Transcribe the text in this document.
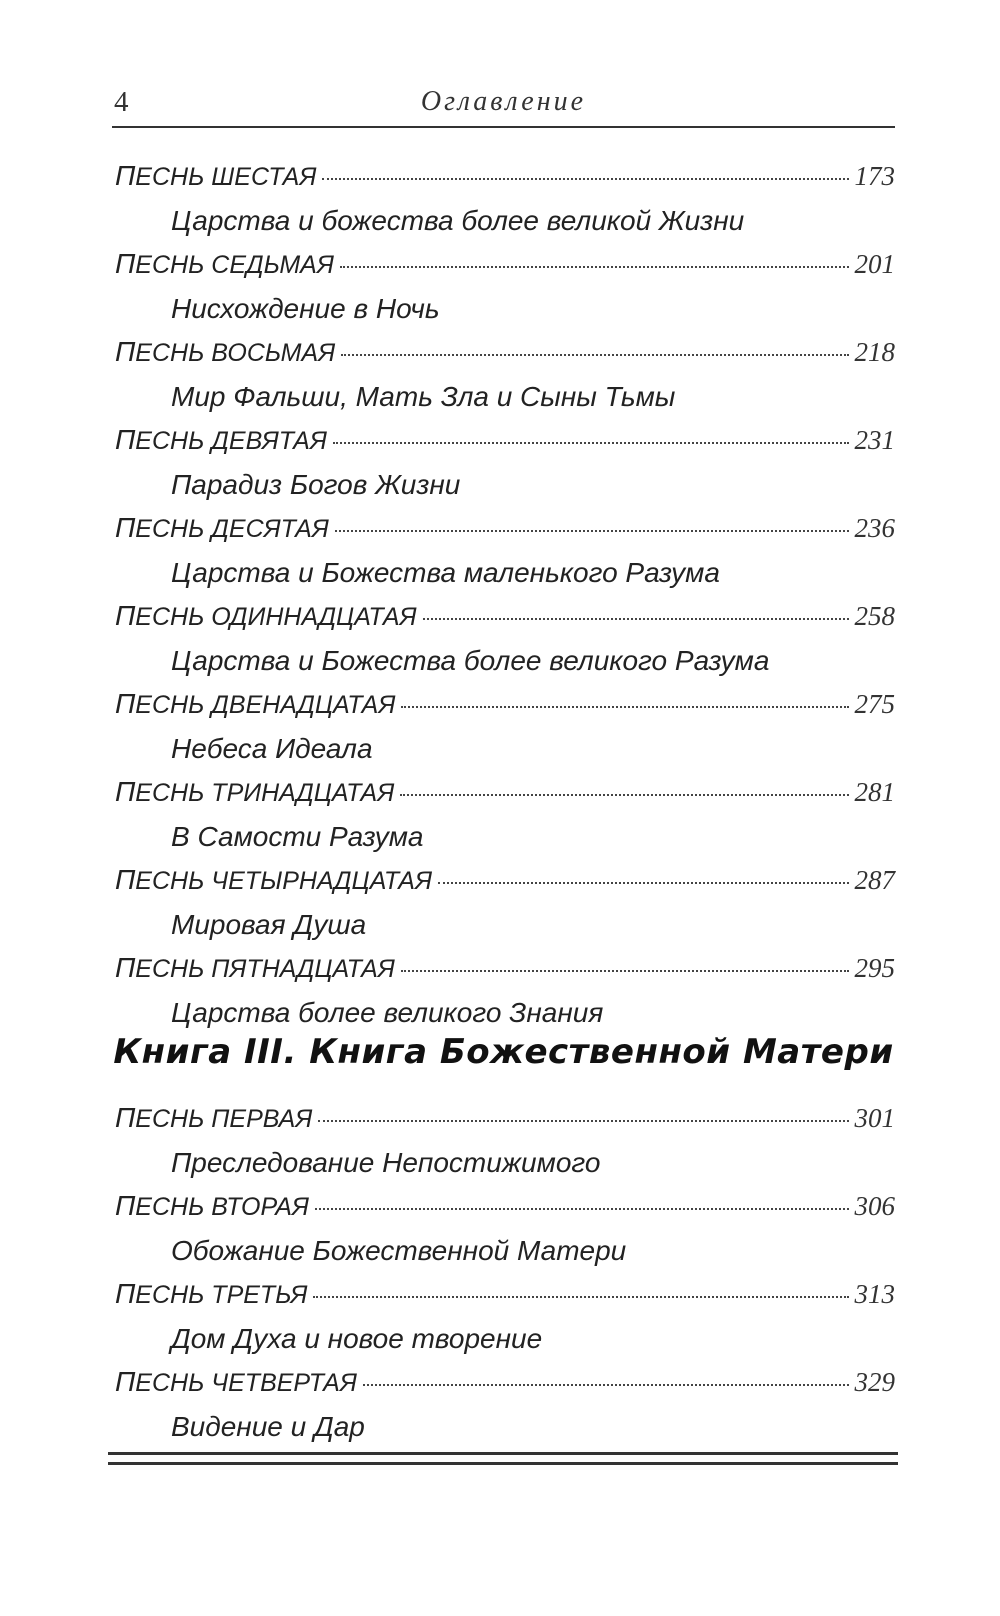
4	Оглавление
ПЕСНЬ ШЕСТАЯ	173
Царства и божества более великой Жизни
ПЕСНЬ СЕДЬМАЯ	201
Нисхождение в Ночь
ПЕСНЬ ВОСЬМАЯ	218
Мир Фальши, Мать Зла и Сыны Тьмы
ПЕСНЬ ДЕВЯТАЯ	231
Парадиз Богов Жизни
ПЕСНЬ ДЕСЯТАЯ	236
Царства и Божества маленького Разума
ПЕСНЬ ОДИННАДЦАТАЯ	258
Царства и Божества более великого Разума
ПЕСНЬ ДВЕНАДЦАТАЯ	275
Небеса Идеала
ПЕСНЬ ТРИНАДЦАТАЯ	281
В Самости Разума
ПЕСНЬ ЧЕТЫРНАДЦАТАЯ	287
Мировая Душа
ПЕСНЬ ПЯТНАДЦАТАЯ	295
Царства более великого Знания
Книга III. Книга Божественной Матери
ПЕСНЬ ПЕРВАЯ	301
Преследование Непостижимого
ПЕСНЬ ВТОРАЯ	306
Обожание Божественной Матери
ПЕСНЬ ТРЕТЬЯ	313
Дом Духа и новое творение
ПЕСНЬ ЧЕТВЕРТАЯ	329
Видение и Дар
